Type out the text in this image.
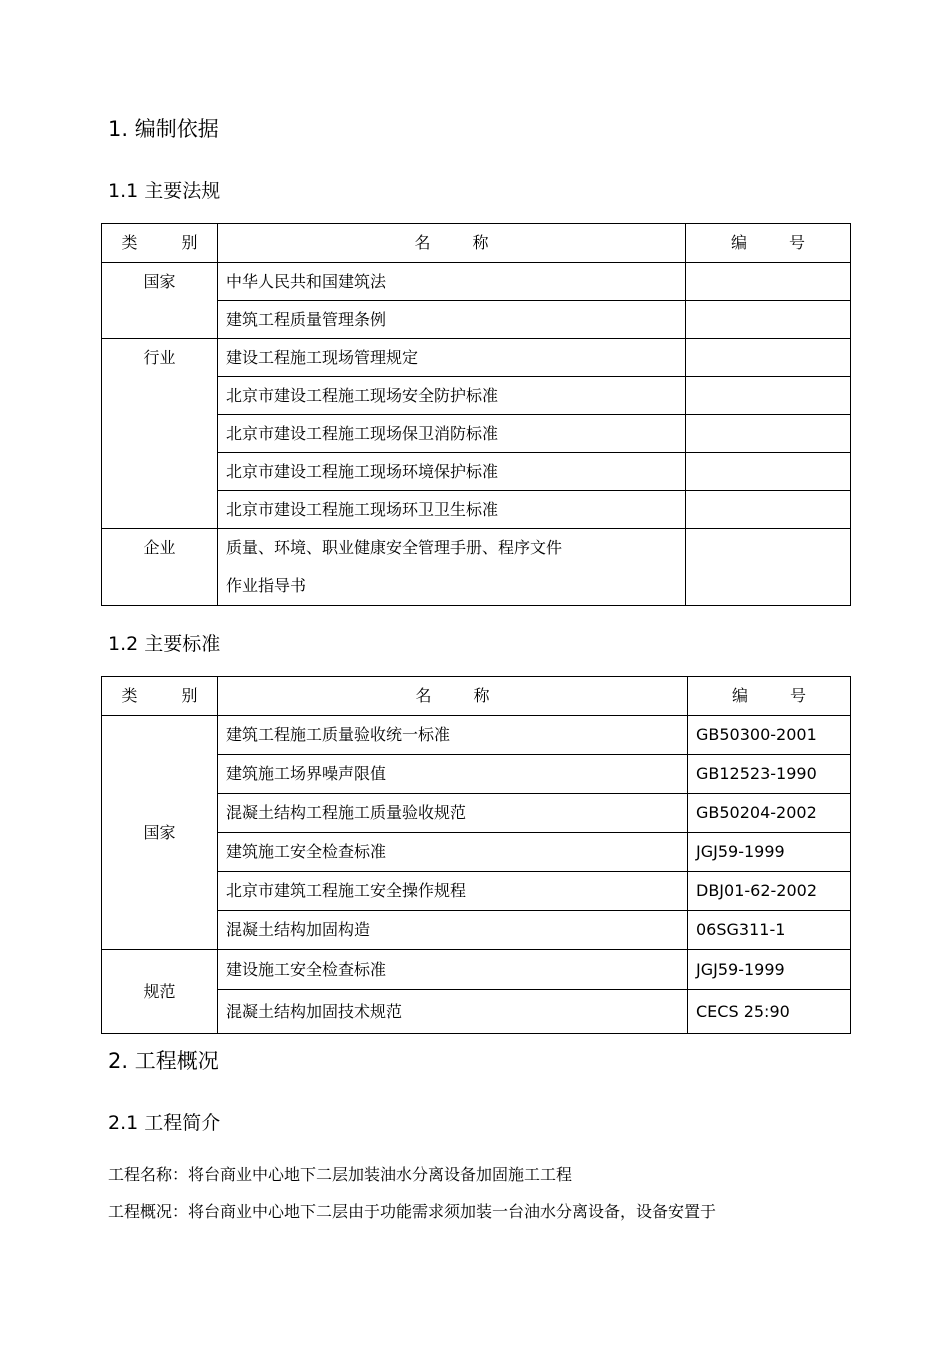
1. 编制依据
1.1 主要法规
类 别	名 称	编 号
国家	中华人民共和国建筑法	
	建筑工程质量管理条例	
行业	建设工程施工现场管理规定	
	北京市建设工程施工现场安全防护标准	
	北京市建设工程施工现场保卫消防标准	
	北京市建设工程施工现场环境保护标准	
	北京市建设工程施工现场环卫卫生标准	
企业	质量、环境、职业健康安全管理手册、程序文件
作业指导书	

1.2 主要标准
类 别	名 称	编 号
国家	建筑工程施工质量验收统一标准	GB50300-2001
	建筑施工场界噪声限值	GB12523-1990
	混凝土结构工程施工质量验收规范	GB50204-2002
	建筑施工安全检查标准	JGJ59-1999
	北京市建筑工程施工安全操作规程	DBJ01-62-2002
	混凝土结构加固构造	06SG311-1
规范	建设施工安全检查标准	JGJ59-1999
	混凝土结构加固技术规范	CECS 25:90
2. 工程概况
2.1 工程简介
工程名称：将台商业中心地下二层加装油水分离设备加固施工工程
工程概况：将台商业中心地下二层由于功能需求须加装一台油水分离设备，设备安置于
